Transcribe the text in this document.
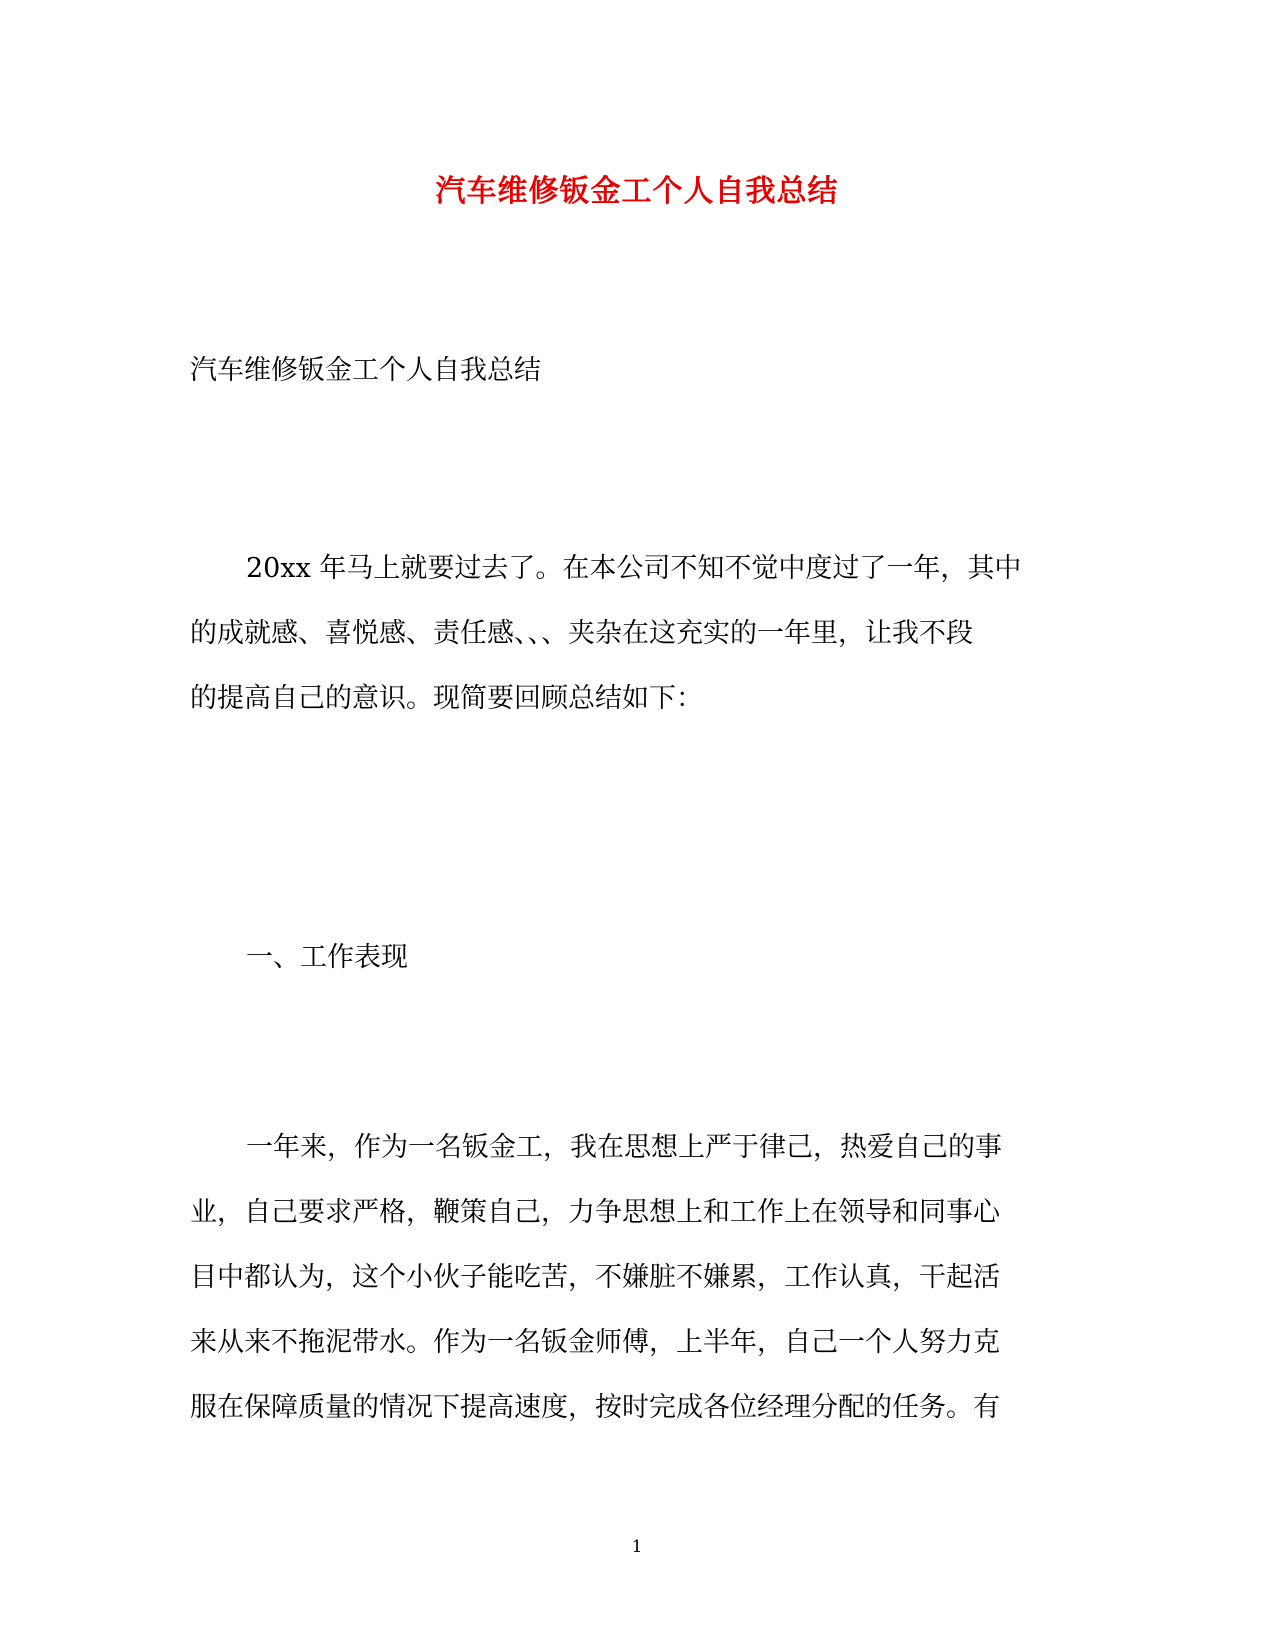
汽车维修钣金工个人自我总结
汽车维修钣金工个人自我总结
20xx 年马上就要过去了。在本公司不知不觉中度过了一年，其中
的成就感、喜悦感、责任感、、、夹杂在这充实的一年里，让我不段
的提高自己的意识。现简要回顾总结如下：
一、工作表现
一年来，作为一名钣金工，我在思想上严于律己，热爱自己的事
业，自己要求严格，鞭策自己，力争思想上和工作上在领导和同事心
目中都认为，这个小伙子能吃苦，不嫌脏不嫌累，工作认真，干起活
来从来不拖泥带水。作为一名钣金师傅，上半年，自己一个人努力克
服在保障质量的情况下提高速度，按时完成各位经理分配的任务。有
1
